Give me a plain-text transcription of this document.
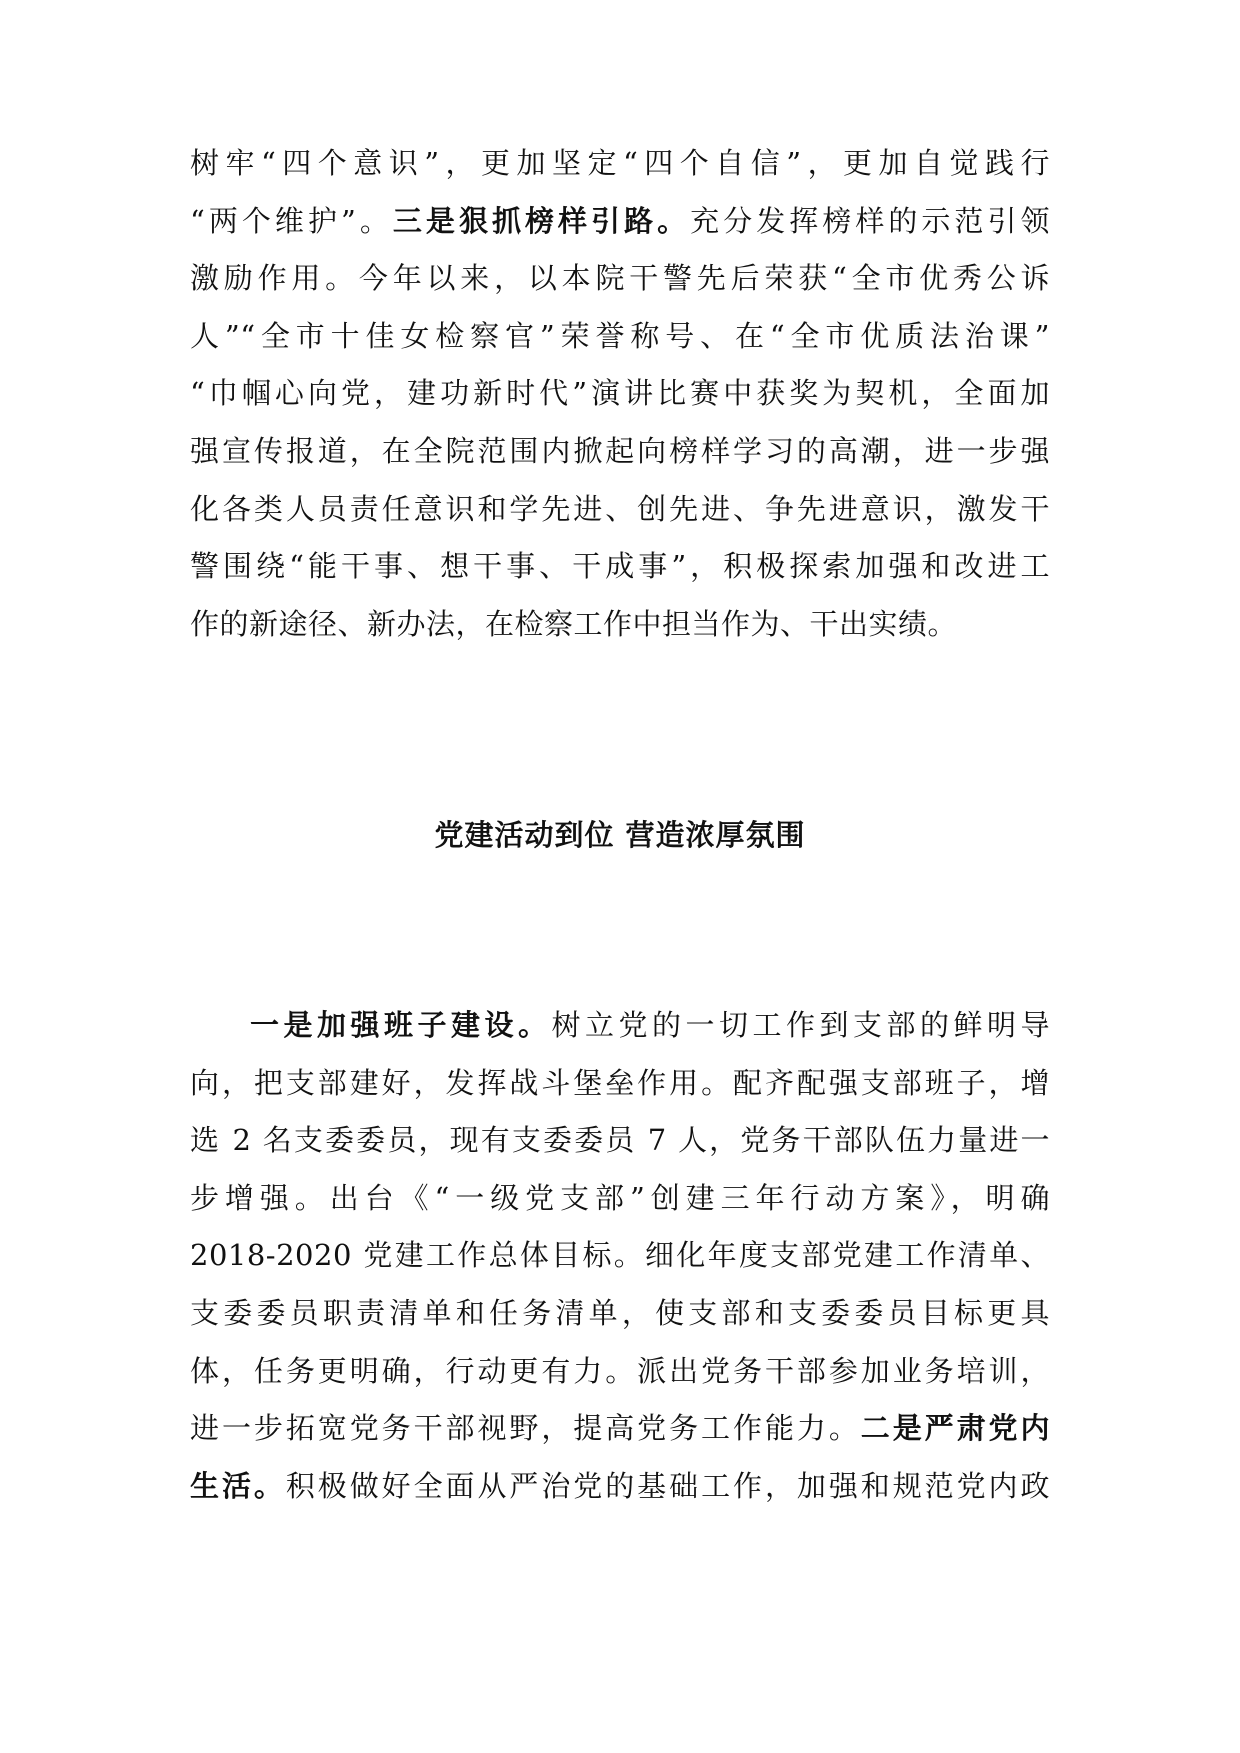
树牢“四个意识”，更加坚定“四个自信”，更加自觉践行
“两个维护”。三是狠抓榜样引路。充分发挥榜样的示范引领
激励作用。今年以来，以本院干警先后荣获“全市优秀公诉
人”“全市十佳女检察官”荣誉称号、在“全市优质法治课”
“巾帼心向党，建功新时代”演讲比赛中获奖为契机，全面加
强宣传报道，在全院范围内掀起向榜样学习的高潮，进一步强
化各类人员责任意识和学先进、创先进、争先进意识，激发干
警围绕“能干事、想干事、干成事”，积极探索加强和改进工
作的新途径、新办法，在检察工作中担当作为、干出实绩。
党建活动到位 营造浓厚氛围
一是加强班子建设。树立党的一切工作到支部的鲜明导
向，把支部建好，发挥战斗堡垒作用。配齐配强支部班子，增
选 2 名支委委员，现有支委委员 7 人，党务干部队伍力量进一
步增强。出台《“一级党支部”创建三年行动方案》，明确
2018-2020 党建工作总体目标。细化年度支部党建工作清单、
支委委员职责清单和任务清单，使支部和支委委员目标更具
体，任务更明确，行动更有力。派出党务干部参加业务培训，
进一步拓宽党务干部视野，提高党务工作能力。二是严肃党内
生活。积极做好全面从严治党的基础工作，加强和规范党内政
